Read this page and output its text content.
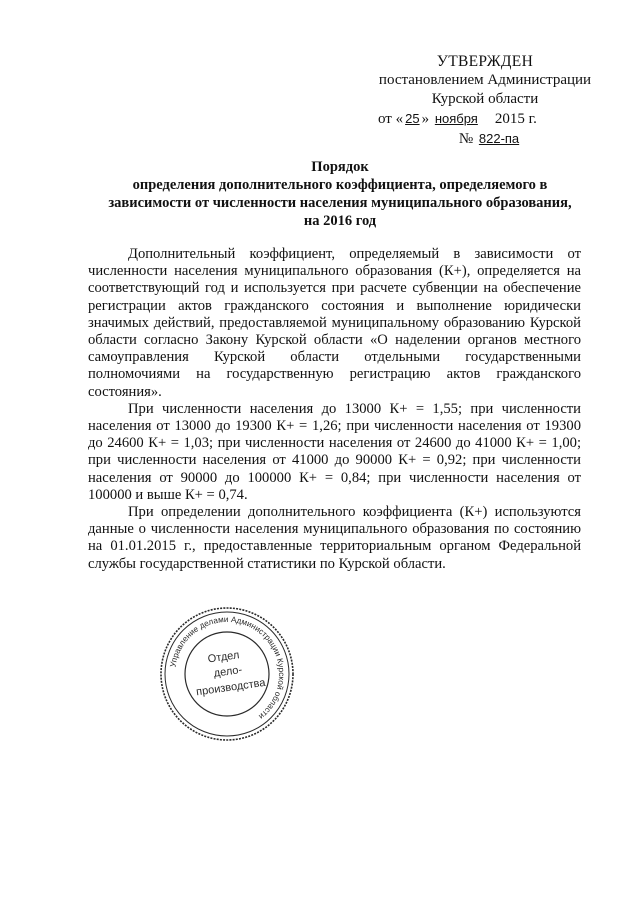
УТВЕРЖДЕН
постановлением Администрации
Курской области
от « 25 » ноября 2015 г.
№ 822-па
Порядок
определения дополнительного коэффициента, определяемого в зависимости от численности населения муниципального образования, на 2016 год

Дополнительный коэффициент, определяемый в зависимости от численности населения муниципального образования (К+), определяется на соответствующий год и используется при расчете субвенции на обеспечение регистрации актов гражданского состояния и выполнение юридически значимых действий, предоставляемой муниципальному образованию Курской области согласно Закону Курской области «О наделении органов местного самоуправления Курской области отдельными государственными полномочиями на государственную регистрацию актов гражданского состояния».

При численности населения до 13000 К+ = 1,55; при численности населения от 13000 до 19300 К+ = 1,26; при численности населения от 19300 до 24600 К+ = 1,03; при численности населения от 24600 до 41000 К+ = 1,00; при численности населения от 41000 до 90000 К+ = 0,92; при численности населения от 90000 до 100000 К+ = 0,84; при численности населения от 100000 и выше К+ = 0,74.

При определении дополнительного коэффициента (К+) используются данные о численности населения муниципального образования по состоянию на 01.01.2015 г., предоставленные территориальным органом Федеральной службы государственной статистики по Курской области.

Управление делами Администрации Курской области
Отдел
дело-
производства
